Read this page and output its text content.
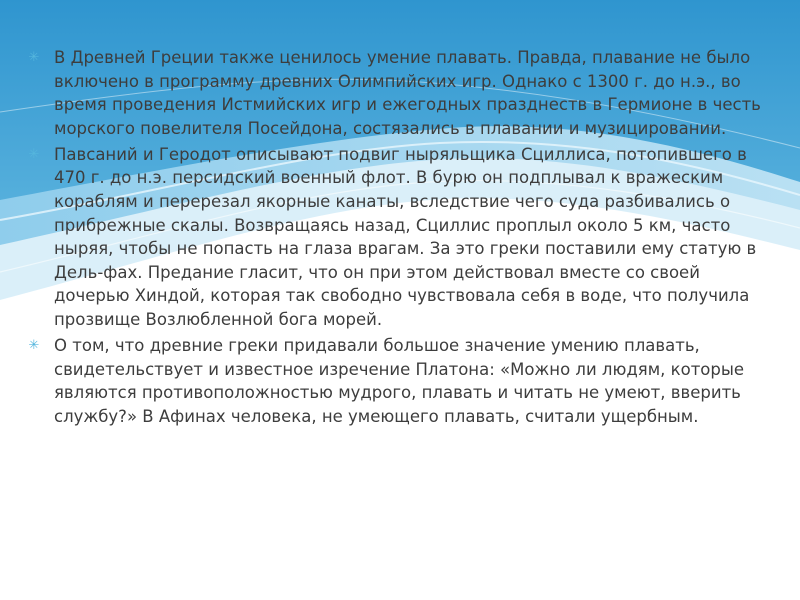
✳ В Древней Греции также ценилось умение плавать. Правда, плавание не было включено в программу древних Олимпийских игр. Однако с 1300 г. до н.э., во время проведения Истмийских игр и ежегодных празднеств в Гермионе в честь морского повелителя Посейдона, состязались в плавании и музицировании.
✳ Павсаний и Геродот описывают подвиг ныряльщика Сциллиса, потопившего в 470 г. до н.э. персидский военный флот. В бурю он подплывал к вражеским кораблям и перерезал якорные канаты, вследствие чего суда разбивались о прибрежные скалы. Возвращаясь назад, Сциллис проплыл около 5 км, часто ныряя, чтобы не попасть на глаза врагам. За это греки поставили ему статую в Дель-фах. Предание гласит, что он при этом действовал вместе со своей дочерью Хиндой, которая так свободно чувствовала себя в воде, что получила прозвище Возлюбленной бога морей.
✳ О том, что древние греки придавали большое значение умению плавать, свидетельствует и известное изречение Платона: «Можно ли людям, которые являются противоположностью мудрого, плавать и читать не умеют, вверить службу?» В Афинах человека, не умеющего плавать, считали ущербным.
